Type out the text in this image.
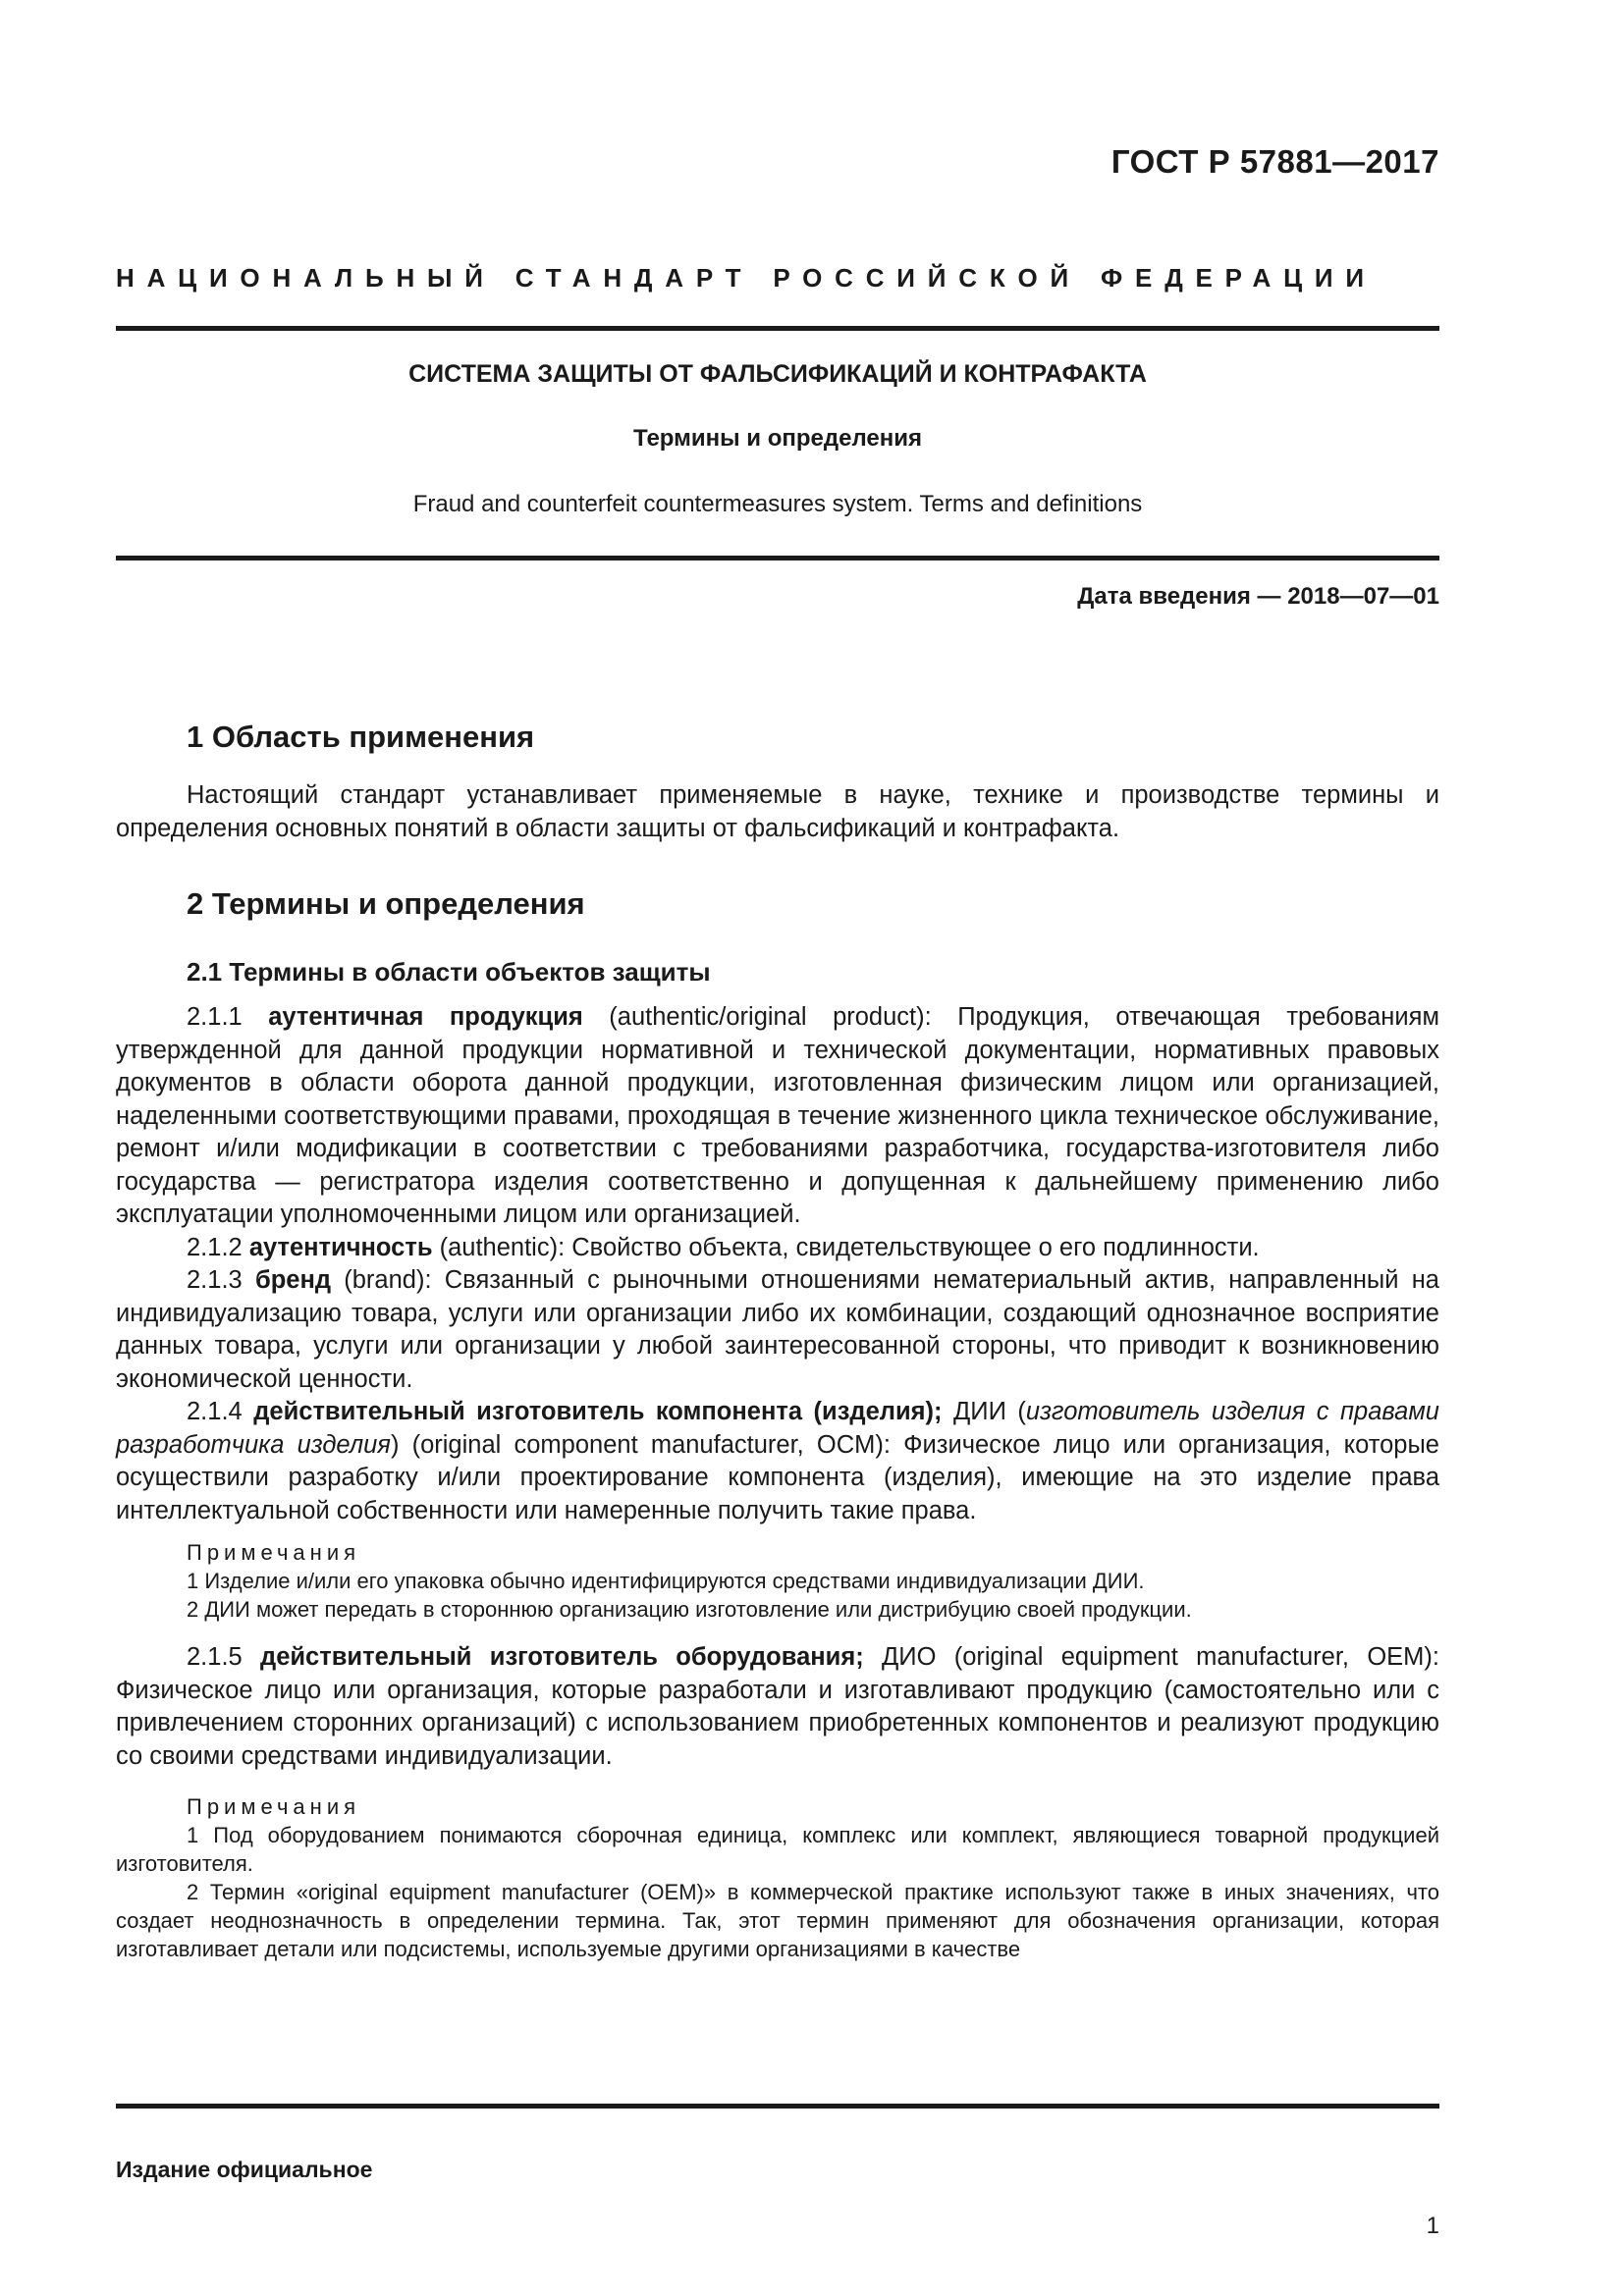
ГОСТ Р 57881—2017
НАЦИОНАЛЬНЫЙ СТАНДАРТ РОССИЙСКОЙ ФЕДЕРАЦИИ
СИСТЕМА ЗАЩИТЫ ОТ ФАЛЬСИФИКАЦИЙ И КОНТРАФАКТА
Термины и определения
Fraud and counterfeit countermeasures system. Terms and definitions
Дата введения — 2018—07—01
1 Область применения

Настоящий стандарт устанавливает применяемые в науке, технике и производстве термины и определения основных понятий в области защиты от фальсификаций и контрафакта.

2 Термины и определения
2.1 Термины в области объектов защиты

2.1.1 аутентичная продукция (authentic/original product): Продукция, отвечающая требованиям утвержденной для данной продукции нормативной и технической документации, нормативных правовых документов в области оборота данной продукции, изготовленная физическим лицом или организацией, наделенными соответствующими правами, проходящая в течение жизненного цикла техническое обслуживание, ремонт и/или модификации в соответствии с требованиями разработчика, государства-изготовителя либо государства — регистратора изделия соответственно и допущенная к дальнейшему применению либо эксплуатации уполномоченными лицом или организацией.

2.1.2 аутентичность (authentic): Свойство объекта, свидетельствующее о его подлинности.

2.1.3 бренд (brand): Связанный с рыночными отношениями нематериальный актив, направленный на индивидуализацию товара, услуги или организации либо их комбинации, создающий однозначное восприятие данных товара, услуги или организации у любой заинтересованной стороны, что приводит к возникновению экономической ценности.

2.1.4 действительный изготовитель компонента (изделия); ДИИ (изготовитель изделия с правами разработчика изделия) (original component manufacturer, OCM): Физическое лицо или организация, которые осуществили разработку и/или проектирование компонента (изделия), имеющие на это изделие права интеллектуальной собственности или намеренные получить такие права.

Примечания

1 Изделие и/или его упаковка обычно идентифицируются средствами индивидуализации ДИИ.

2 ДИИ может передать в стороннюю организацию изготовление или дистрибуцию своей продукции.

2.1.5 действительный изготовитель оборудования; ДИО (original equipment manufacturer, OEM): Физическое лицо или организация, которые разработали и изготавливают продукцию (самостоятельно или с привлечением сторонних организаций) с использованием приобретенных компонентов и реализуют продукцию со своими средствами индивидуализации.

Примечания

1 Под оборудованием понимаются сборочная единица, комплекс или комплект, являющиеся товарной продукцией изготовителя.

2 Термин «original equipment manufacturer (OEM)» в коммерческой практике используют также в иных значениях, что создает неоднозначность в определении термина. Так, этот термин применяют для обозначения организации, которая изготавливает детали или подсистемы, используемые другими организациями в качестве

Издание официальное
1
